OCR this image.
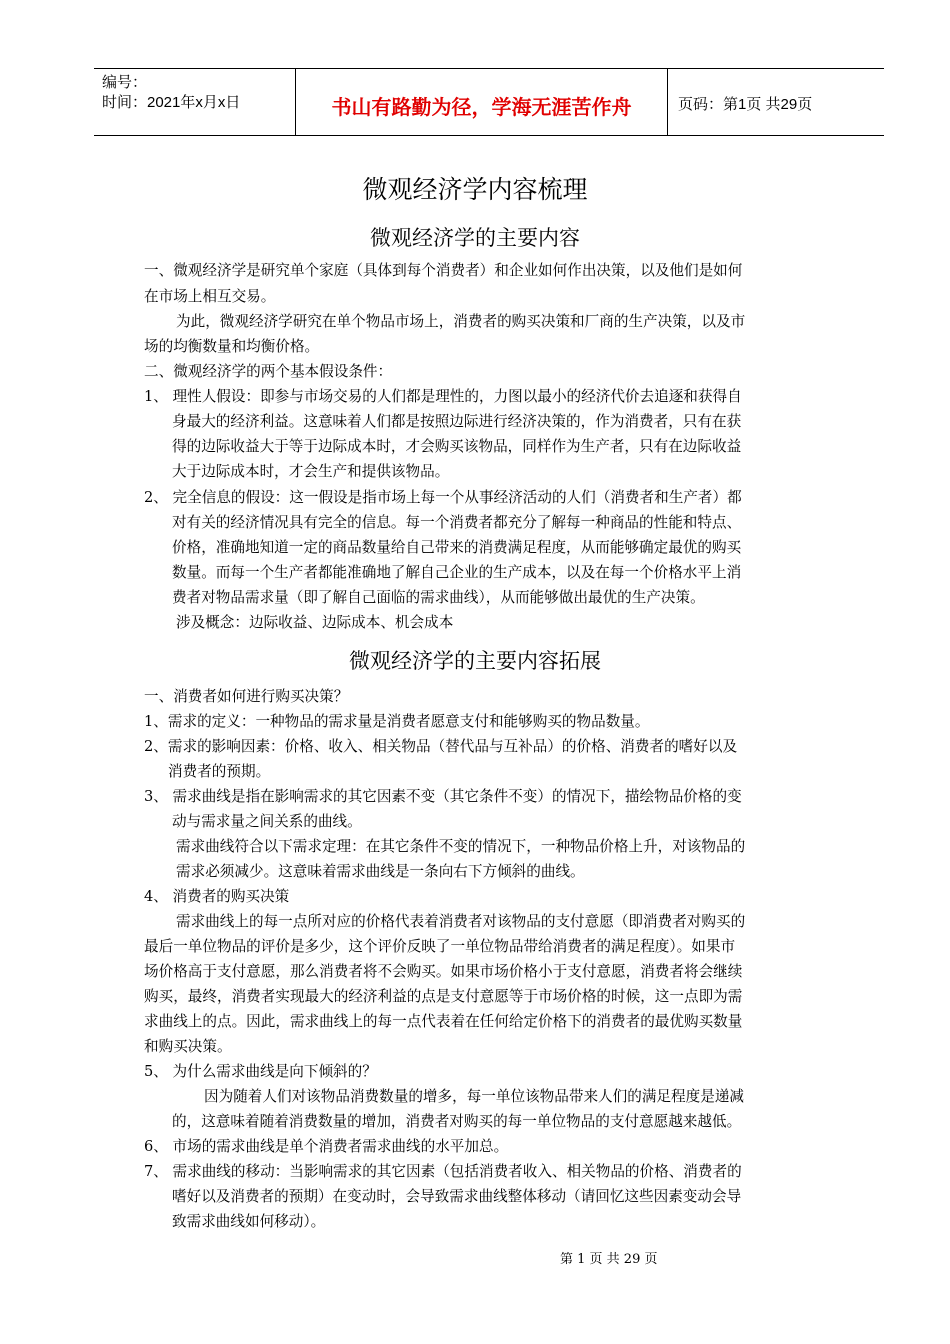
编号：
时间：2021年x月x日	书山有路勤为径，学海无涯苦作舟	页码：第1页 共29页
微观经济学内容梳理
微观经济学的主要内容
一、微观经济学是研究单个家庭（具体到每个消费者）和企业如何作出决策，以及他们是如何
在市场上相互交易。
为此，微观经济学研究在单个物品市场上，消费者的购买决策和厂商的生产决策，以及市
场的均衡数量和均衡价格。
二、微观经济学的两个基本假设条件：
1、 理性人假设：即参与市场交易的人们都是理性的，力图以最小的经济代价去追逐和获得自
身最大的经济利益。这意味着人们都是按照边际进行经济决策的，作为消费者，只有在获
得的边际收益大于等于边际成本时，才会购买该物品，同样作为生产者，只有在边际收益
大于边际成本时，才会生产和提供该物品。
2、 完全信息的假设：这一假设是指市场上每一个从事经济活动的人们（消费者和生产者）都
对有关的经济情况具有完全的信息。每一个消费者都充分了解每一种商品的性能和特点、
价格，准确地知道一定的商品数量给自己带来的消费满足程度，从而能够确定最优的购买
数量。而每一个生产者都能准确地了解自己企业的生产成本，以及在每一个价格水平上消
费者对物品需求量（即了解自己面临的需求曲线），从而能够做出最优的生产决策。
涉及概念：边际收益、边际成本、机会成本
微观经济学的主要内容拓展
一、消费者如何进行购买决策？
1、需求的定义：一种物品的需求量是消费者愿意支付和能够购买的物品数量。
2、需求的影响因素：价格、收入、相关物品（替代品与互补品）的价格、消费者的嗜好以及
消费者的预期。
3、 需求曲线是指在影响需求的其它因素不变（其它条件不变）的情况下，描绘物品价格的变
动与需求量之间关系的曲线。
需求曲线符合以下需求定理：在其它条件不变的情况下，一种物品价格上升，对该物品的
需求必须减少。这意味着需求曲线是一条向右下方倾斜的曲线。
4、 消费者的购买决策
需求曲线上的每一点所对应的价格代表着消费者对该物品的支付意愿（即消费者对购买的
最后一单位物品的评价是多少，这个评价反映了一单位物品带给消费者的满足程度）。如果市
场价格高于支付意愿，那么消费者将不会购买。如果市场价格小于支付意愿，消费者将会继续
购买，最终，消费者实现最大的经济利益的点是支付意愿等于市场价格的时候，这一点即为需
求曲线上的点。因此，需求曲线上的每一点代表着在任何给定价格下的消费者的最优购买数量
和购买决策。
5、 为什么需求曲线是向下倾斜的？
因为随着人们对该物品消费数量的增多，每一单位该物品带来人们的满足程度是递减
的，这意味着随着消费数量的增加，消费者对购买的每一单位物品的支付意愿越来越低。
6、 市场的需求曲线是单个消费者需求曲线的水平加总。
7、 需求曲线的移动：当影响需求的其它因素（包括消费者收入、相关物品的价格、消费者的
嗜好以及消费者的预期）在变动时，会导致需求曲线整体移动（请回忆这些因素变动会导
致需求曲线如何移动）。
第 1 页 共 29 页
